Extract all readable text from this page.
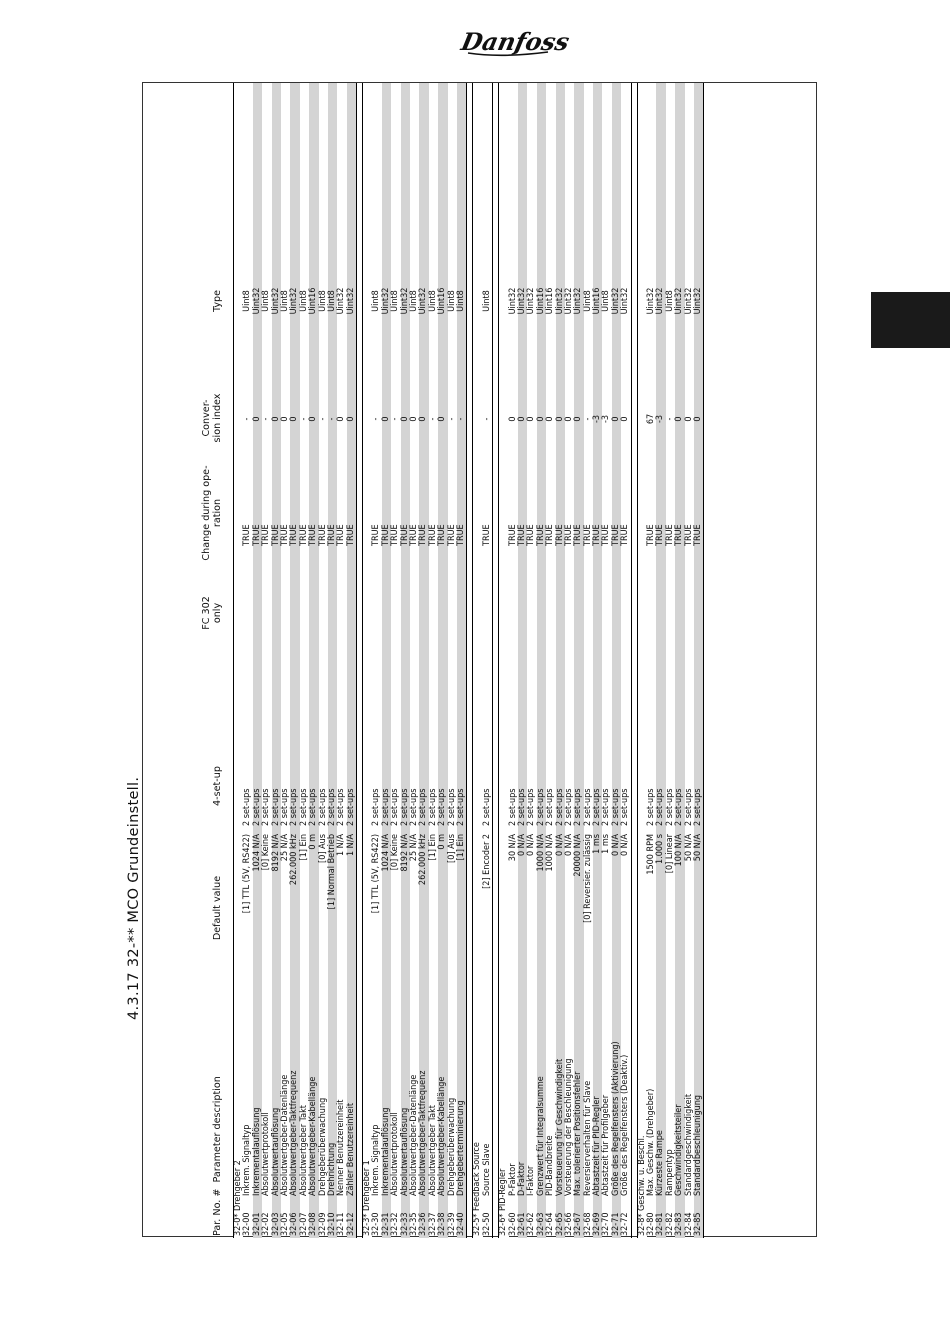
Danfoss
Par. No. #  Parameter description
Default value
4-set-up
FC 302 only
Change during ope- ration
Conver- sion index
Type
32-0* Drehgeber 2 32-00
Inkrem. Signaltyp
[1] TTL (5V, RS422)
2 set-ups
TRUE
-
Uint8
32-01
Inkrementalauflösung
1024 N/A
2 set-ups
TRUE
0
Uint32
32-02
Absolutwertprotokoll
[0] Keine
2 set-ups
TRUE
-
Uint8
32-03
Absolutwertauflösung
8192 N/A
2 set-ups
TRUE
0
Uint32
32-05
Absolutwertgeber-Datenlänge
25 N/A
2 set-ups
TRUE
0
Uint8
32-06
Absolutwertgeber-Taktfrequenz
262.000 kHz
2 set-ups
TRUE
0
Uint32
32-07
Absolutwertgeber Takt
[1] Ein
2 set-ups
TRUE
-
Uint8
32-08
Absolutwertgeber-Kabellänge
0 m
2 set-ups
TRUE
0
Uint16
32-09
Drehgeberüberwachung
[0] Aus
2 set-ups
TRUE
-
Uint8
32-10
Drehrichtung
[1] Normal Betrieb
2 set-ups
TRUE
-
Uint8
32-11
Nenner Benutzereinheit
1 N/A
2 set-ups
TRUE
0
Uint32
32-12
Zähler Benutzereinheit
1 N/A
2 set-ups
TRUE
0
Uint32
32-3* Drehgeber 1 32-30
Inkrem. Signaltyp
[1] TTL (5V, RS422)
2 set-ups
TRUE
-
Uint8
32-31
Inkrementalauflösung
1024 N/A
2 set-ups
TRUE
0
Uint32
32-32
Absolutwertprotokoll
[0] Keine
2 set-ups
TRUE
-
Uint8
32-33
Absolutwertauflösung
8192 N/A
2 set-ups
TRUE
0
Uint32
32-35
Absolutwertgeber-Datenlänge
25 N/A
2 set-ups
TRUE
0
Uint8
32-36
Absolutwertgeber-Taktfrequenz
262.000 kHz
2 set-ups
TRUE
0
Uint32
32-37
Absolutwertgeber Takt
[1] Ein
2 set-ups
TRUE
-
Uint8
32-38
Absolutwertgeber-Kabellänge
0 m
2 set-ups
TRUE
0
Uint16
32-39
Drehgeberüberwachung
[0] Aus
2 set-ups
TRUE
-
Uint8
32-40
Drehgeberterminierung
[1] Ein
2 set-ups
TRUE
-
Uint8
32-5* Feedback Source 32-50
Source Slave
[2] Encoder 2
2 set-ups
TRUE
-
Uint8
32-6* PID-Regler 32-60
P-Faktor
30 N/A
2 set-ups
TRUE
0
Uint32
32-61
D-Faktor
0 N/A
2 set-ups
TRUE
0
Uint32
32-62
I-Faktor
0 N/A
2 set-ups
TRUE
0
Uint32
32-63
Grenzwert für Integralsumme
1000 N/A
2 set-ups
TRUE
0
Uint16
32-64
PID-Bandbreite
1000 N/A
2 set-ups
TRUE
0
Uint16
32-65
Vorsteuerung für Geschwindigkeit
0 N/A
2 set-ups
TRUE
0
Uint32
32-66
Vorsteuerung der Beschleunigung
0 N/A
2 set-ups
TRUE
0
Uint32
32-67
Max. tolerierter Positionsfehler
20000 N/A
2 set-ups
TRUE
0
Uint32
32-68
Reversierverhalten für Slave
[0] Reversier. zulässig
2 set-ups
TRUE
-
Uint8
32-69
Abtastzeit für PID-Regler
1 ms
2 set-ups
TRUE
-3
Uint16
32-70
Abtastzeit für Profilgeber
1 ms
2 set-ups
TRUE
-3
Uint8
32-71
Größe des Regelfensters (Aktivierung)
0 N/A
2 set-ups
TRUE
0
Uint32
32-72
Größe des Regelfensters (Deaktiv.)
0 N/A
2 set-ups
TRUE
0
Uint32
32-8* Geschw. u. Beschl. 32-80
Max. Geschw. (Drehgeber)
1500 RPM
2 set-ups
TRUE
67
Uint32
32-81
Kürzeste Rampe
1.000 s
2 set-ups
TRUE
-3
Uint32
32-82
Rampentyp
[0] Linear
2 set-ups
TRUE
-
Uint8
32-83
Geschwindigkeitsteiler
100 N/A
2 set-ups
TRUE
0
Uint32
32-84
Standardgeschwindigkeit
50 N/A
2 set-ups
TRUE
0
Uint32
32-85
Standardbeschleunigung
50 N/A
2 set-ups
TRUE
0
Uint32
4.3.17 32-** MCO Grundeinstell.
